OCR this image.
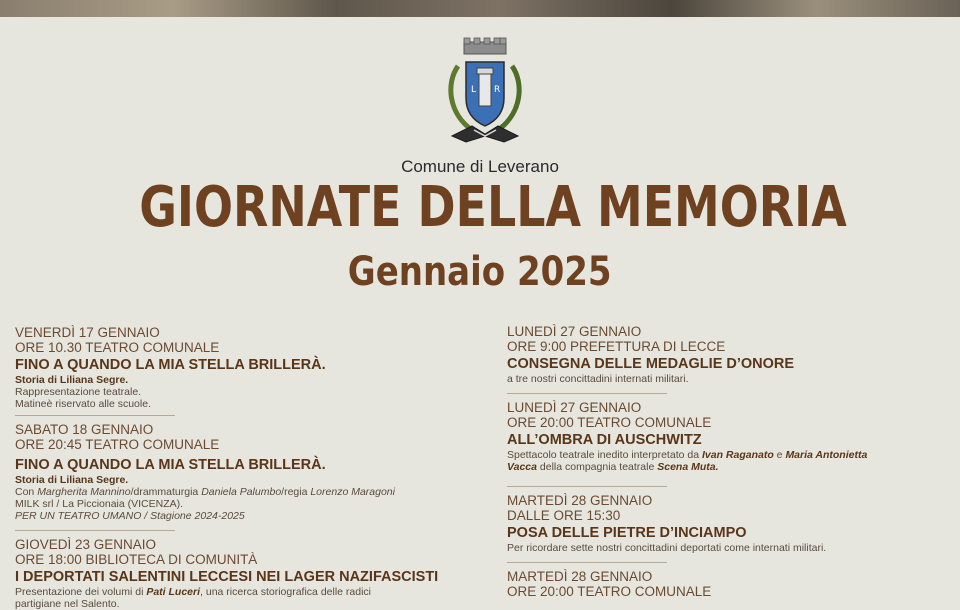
L R
Comune di Leverano
GIORNATE DELLA MEMORIA
Gennaio 2025
VENERDÌ 17 GENNAIO
ORE 10.30 TEATRO COMUNALE
FINO A QUANDO LA MIA STELLA BRILLERÀ.
Storia di Liliana Segre.
Rappresentazione teatrale.
Matineè riservato alle scuole.
SABATO 18 GENNAIO
ORE 20:45 TEATRO COMUNALE
FINO A QUANDO LA MIA STELLA BRILLERÀ.
Storia di Liliana Segre.
Con Margherita Mannino/drammaturgia Daniela Palumbo/regia Lorenzo Maragoni
MILK srl / La Piccionaia (VICENZA).
PER UN TEATRO UMANO / Stagione 2024-2025
GIOVEDÌ 23 GENNAIO
ORE 18:00 BIBLIOTECA DI COMUNITÀ
I DEPORTATI SALENTINI LECCESI NEI LAGER NAZIFASCISTI
Presentazione dei volumi di Pati Luceri, una ricerca storiografica delle radici
partigiane nel Salento.
LUNEDÌ 27 GENNAIO
ORE 9:00 PREFETTURA DI LECCE
CONSEGNA DELLE MEDAGLIE D’ONORE
a tre nostri concittadini internati militari.
LUNEDÌ 27 GENNAIO
ORE 20:00 TEATRO COMUNALE
ALL’OMBRA DI AUSCHWITZ
Spettacolo teatrale inedito interpretato da Ivan Raganato e Maria Antonietta
Vacca della compagnia teatrale Scena Muta.
MARTEDÌ 28 GENNAIO
DALLE ORE 15:30
POSA DELLE PIETRE D’INCIAMPO
Per ricordare sette nostri concittadini deportati come internati militari.
MARTEDÌ 28 GENNAIO
ORE 20:00 TEATRO COMUNALE
